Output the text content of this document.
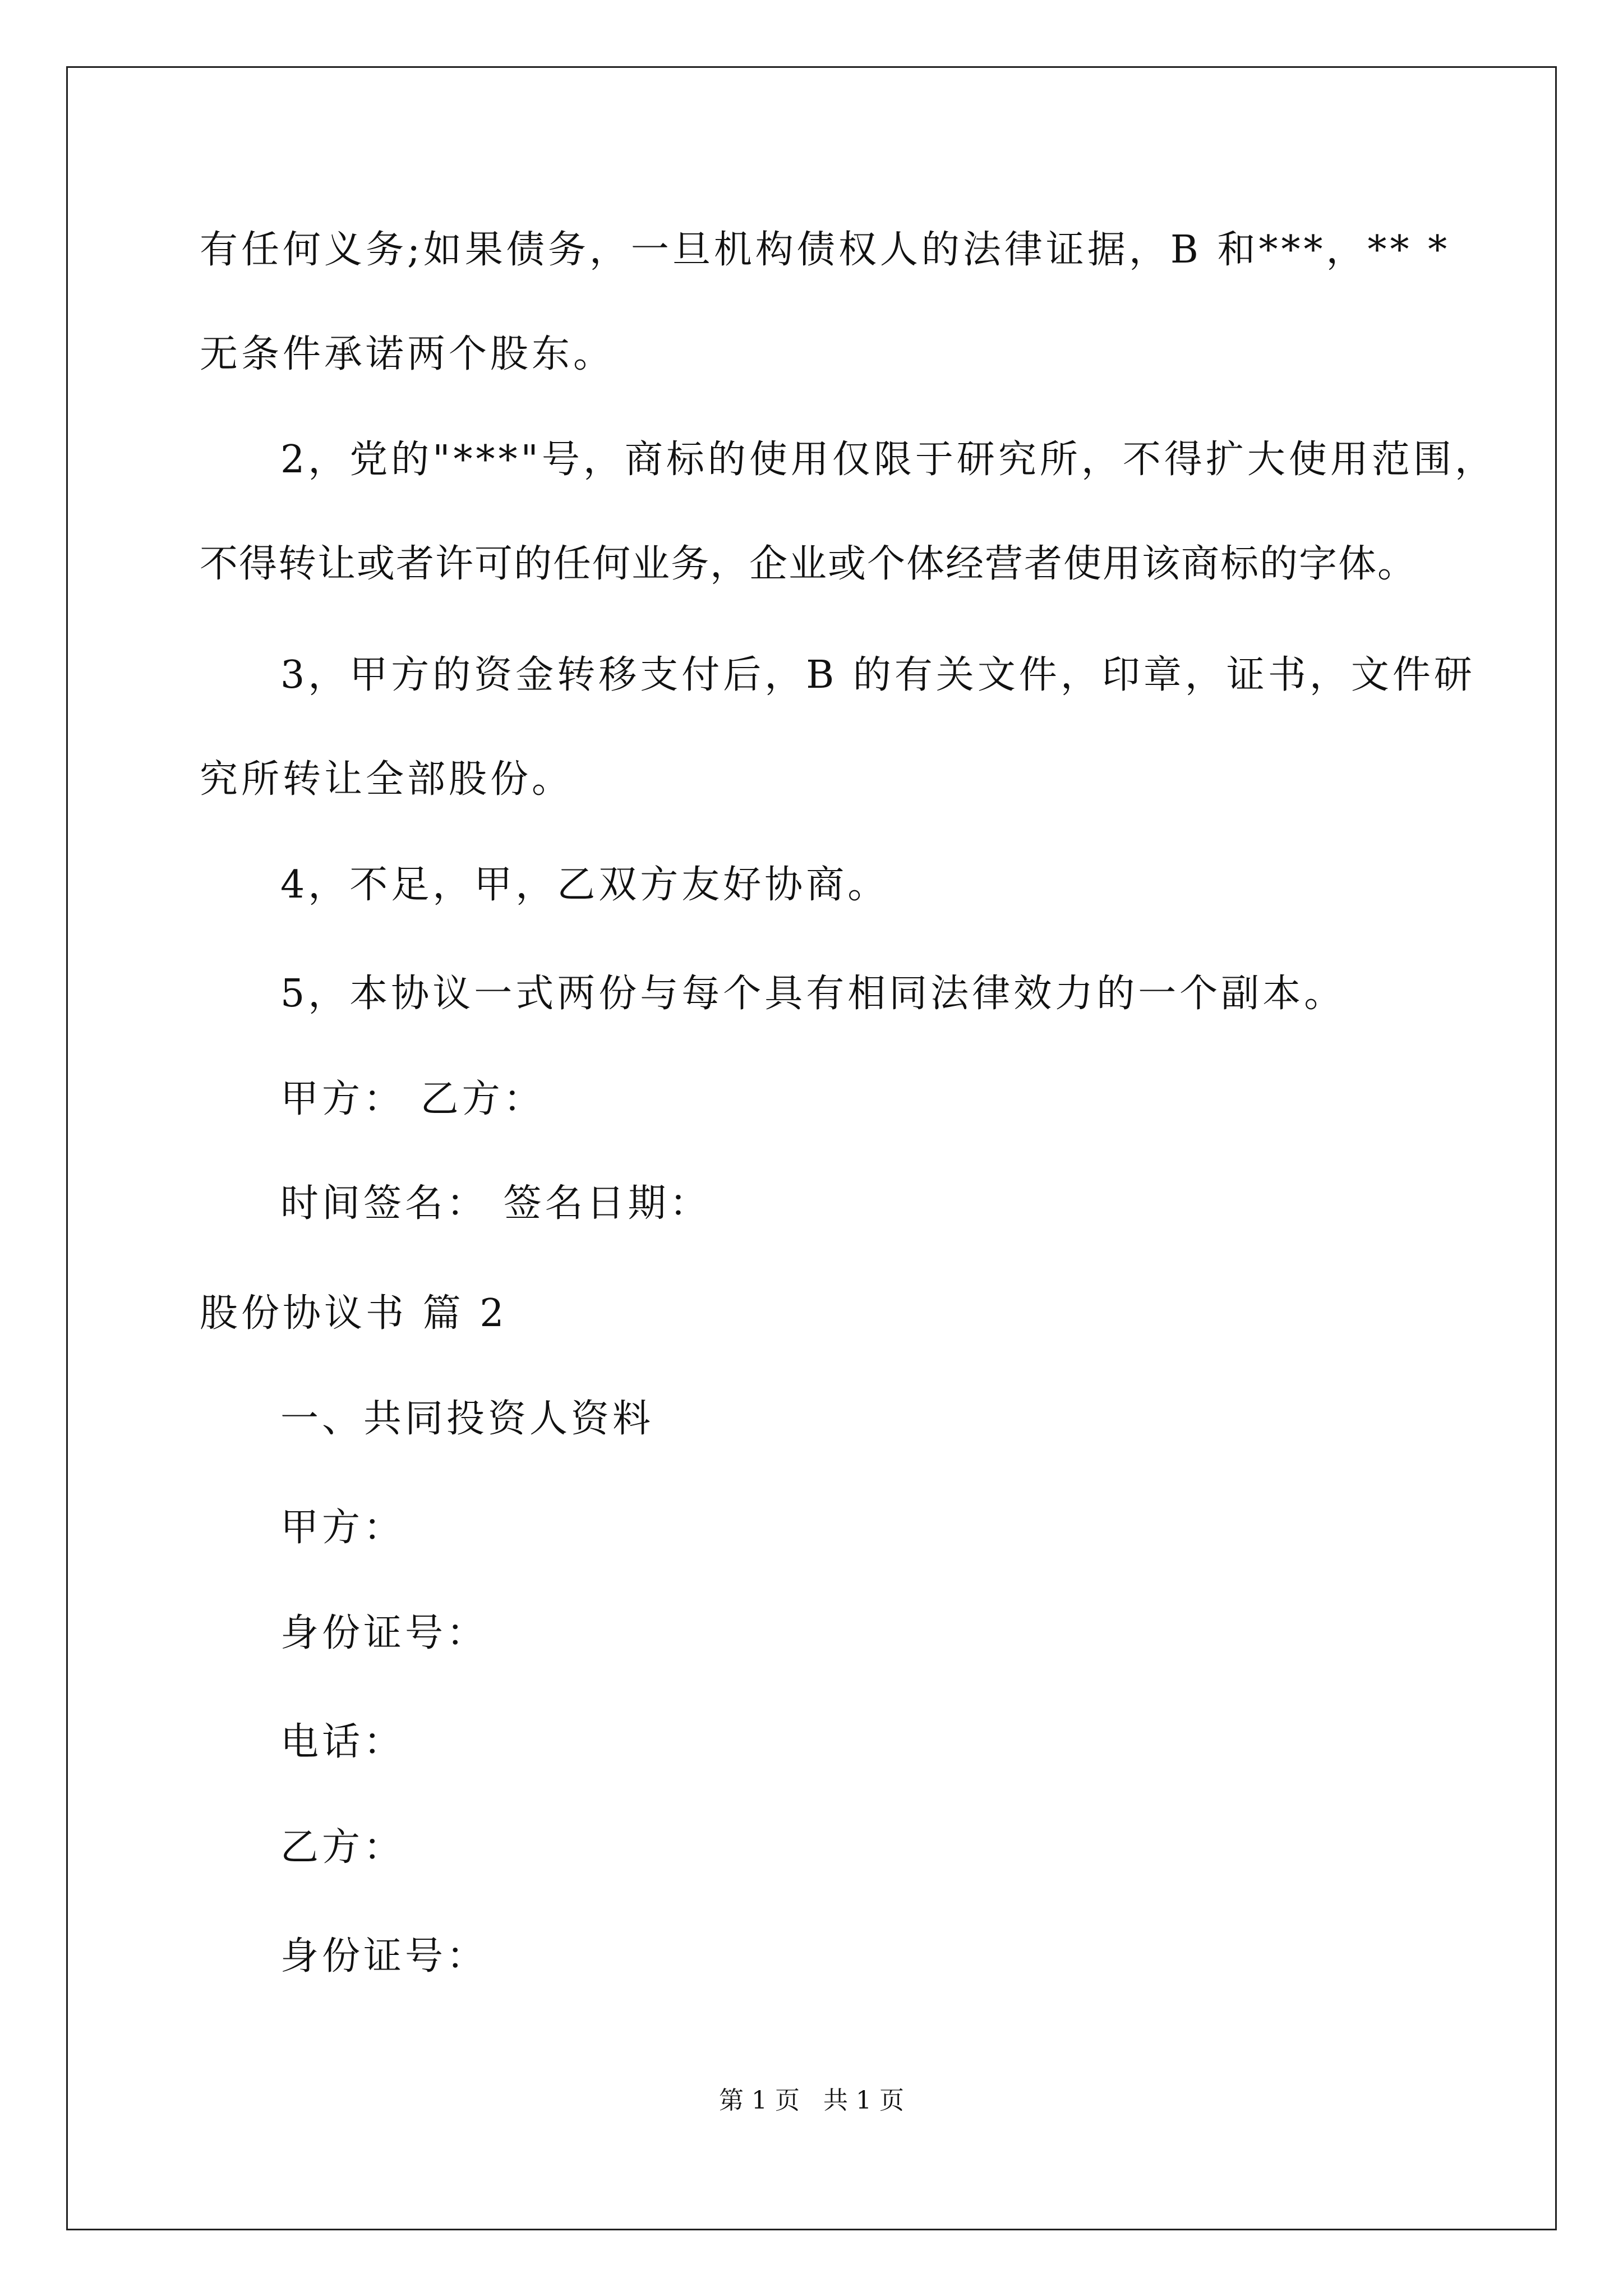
有任何义务;如果债务，一旦机构债权人的法律证据，B 和***，** *
无条件承诺两个股东。
2，党的"***"号，商标的使用仅限于研究所，不得扩大使用范围，
不得转让或者许可的任何业务，企业或个体经营者使用该商标的字体。
3，甲方的资金转移支付后，B 的有关文件，印章，证书，文件研
究所转让全部股份。
4，不足，甲，乙双方友好协商。
5，本协议一式两份与每个具有相同法律效力的一个副本。
甲方： 乙方：
时间签名： 签名日期：
股份协议书 篇 2
一、共同投资人资料
甲方：
身份证号：
电话：
乙方：
身份证号：
第 1 页   共 1 页
